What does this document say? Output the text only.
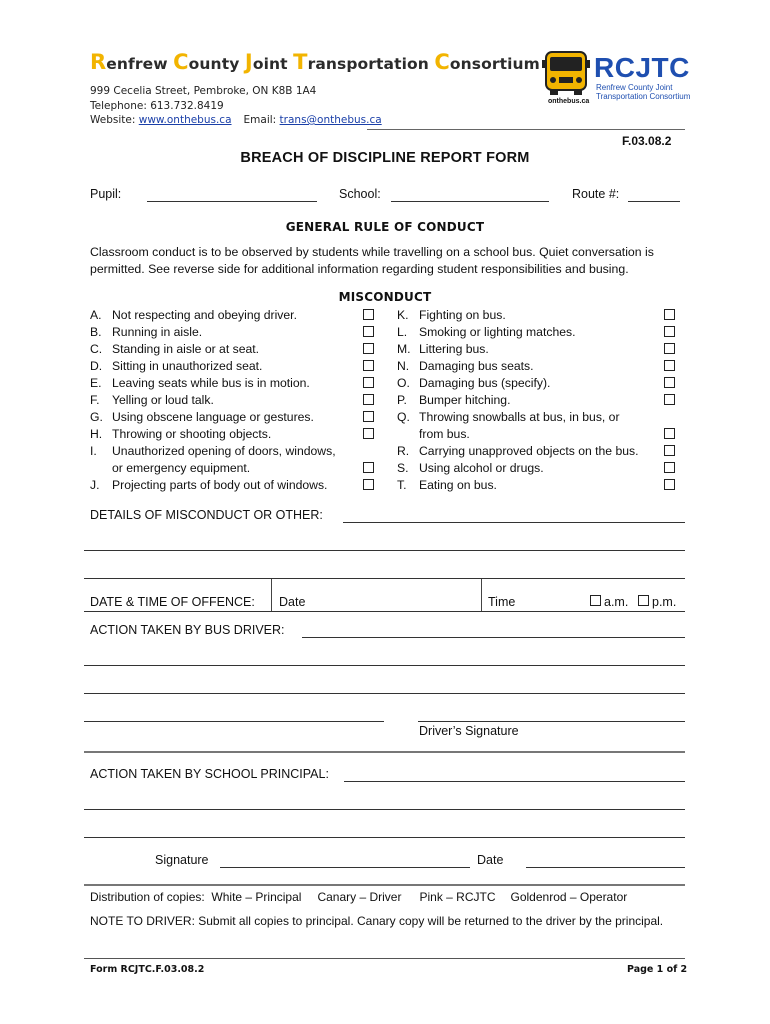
Renfrew County Joint Transportation Consortium
999 Cecelia Street, Pembroke, ON K8B 1A4
Telephone: 613.732.8419
Website: www.onthebus.ca Email: trans@onthebus.ca
onthebus.ca
RCJTC
Renfrew County Joint
Transportation Consortium
F.03.08.2
BREACH OF DISCIPLINE REPORT FORM
Pupil:	School:	Route #:
GENERAL RULE OF CONDUCT
Classroom conduct is to be observed by students while travelling on a school bus. Quiet conversation is permitted. See reverse side for additional information regarding student responsibilities and busing.
MISCONDUCT
A. Not respecting and obeying driver.
B. Running in aisle.
C. Standing in aisle or at seat.
D. Sitting in unauthorized seat.
E. Leaving seats while bus is in motion.
F. Yelling or loud talk.
G. Using obscene language or gestures.
H. Throwing or shooting objects.
I. Unauthorized opening of doors, windows,
or emergency equipment.
J. Projecting parts of body out of windows.
K. Fighting on bus.
L. Smoking or lighting matches.
M. Littering bus.
N. Damaging bus seats.
O. Damaging bus (specify).
P. Bumper hitching.
Q. Throwing snowballs at bus, in bus, or
from bus.
R. Carrying unapproved objects on the bus.
S. Using alcohol or drugs.
T. Eating on bus.
DETAILS OF MISCONDUCT OR OTHER:
DATE & TIME OF OFFENCE: Date	Time	a.m. p.m.
ACTION TAKEN BY BUS DRIVER:
Driver’s Signature
ACTION TAKEN BY SCHOOL PRINCIPAL:
Signature	Date
Distribution of copies: White – Principal Canary – Driver Pink – RCJTC Goldenrod – Operator
NOTE TO DRIVER: Submit all copies to principal. Canary copy will be returned to the driver by the principal.
Form RCJTC.F.03.08.2	Page 1 of 2
